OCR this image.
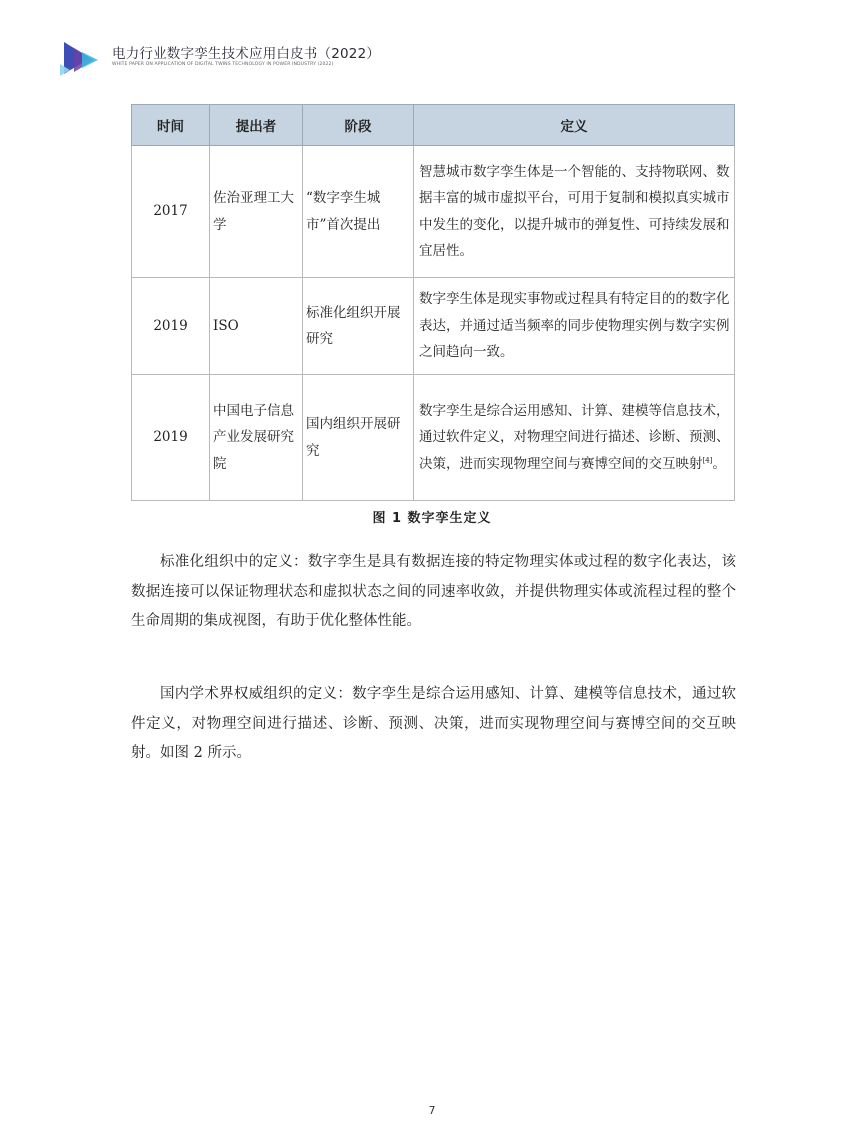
电力行业数字孪生技术应用白皮书（2022）
WHITE PAPER ON APPLICATION OF DIGITAL TWINS TECHNOLOGY IN POWER INDUSTRY (2022)
时间	提出者	阶段	定义
2017	佐治亚理工大学	“数字孪生城市”首次提出	智慧城市数字孪生体是一个智能的、支持物联网、数据丰富的城市虚拟平台，可用于复制和模拟真实城市中发生的变化，以提升城市的弹复性、可持续发展和宜居性。
2019	ISO	标准化组织开展研究	数字孪生体是现实事物或过程具有特定目的的数字化表达，并通过适当频率的同步使物理实例与数字实例之间趋向一致。
2019	中国电子信息产业发展研究院	国内组织开展研究	数字孪生是综合运用感知、计算、建模等信息技术，通过软件定义，对物理空间进行描述、诊断、预测、决策，进而实现物理空间与赛博空间的交互映射[4]。
图 1 数字孪生定义

标准化组织中的定义：数字孪生是具有数据连接的特定物理实体或过程的数字化表达，该数据连接可以保证物理状态和虚拟状态之间的同速率收敛，并提供物理实体或流程过程的整个生命周期的集成视图，有助于优化整体性能。

国内学术界权威组织的定义：数字孪生是综合运用感知、计算、建模等信息技术，通过软件定义，对物理空间进行描述、诊断、预测、决策，进而实现物理空间与赛博空间的交互映射。如图 2 所示。

7
